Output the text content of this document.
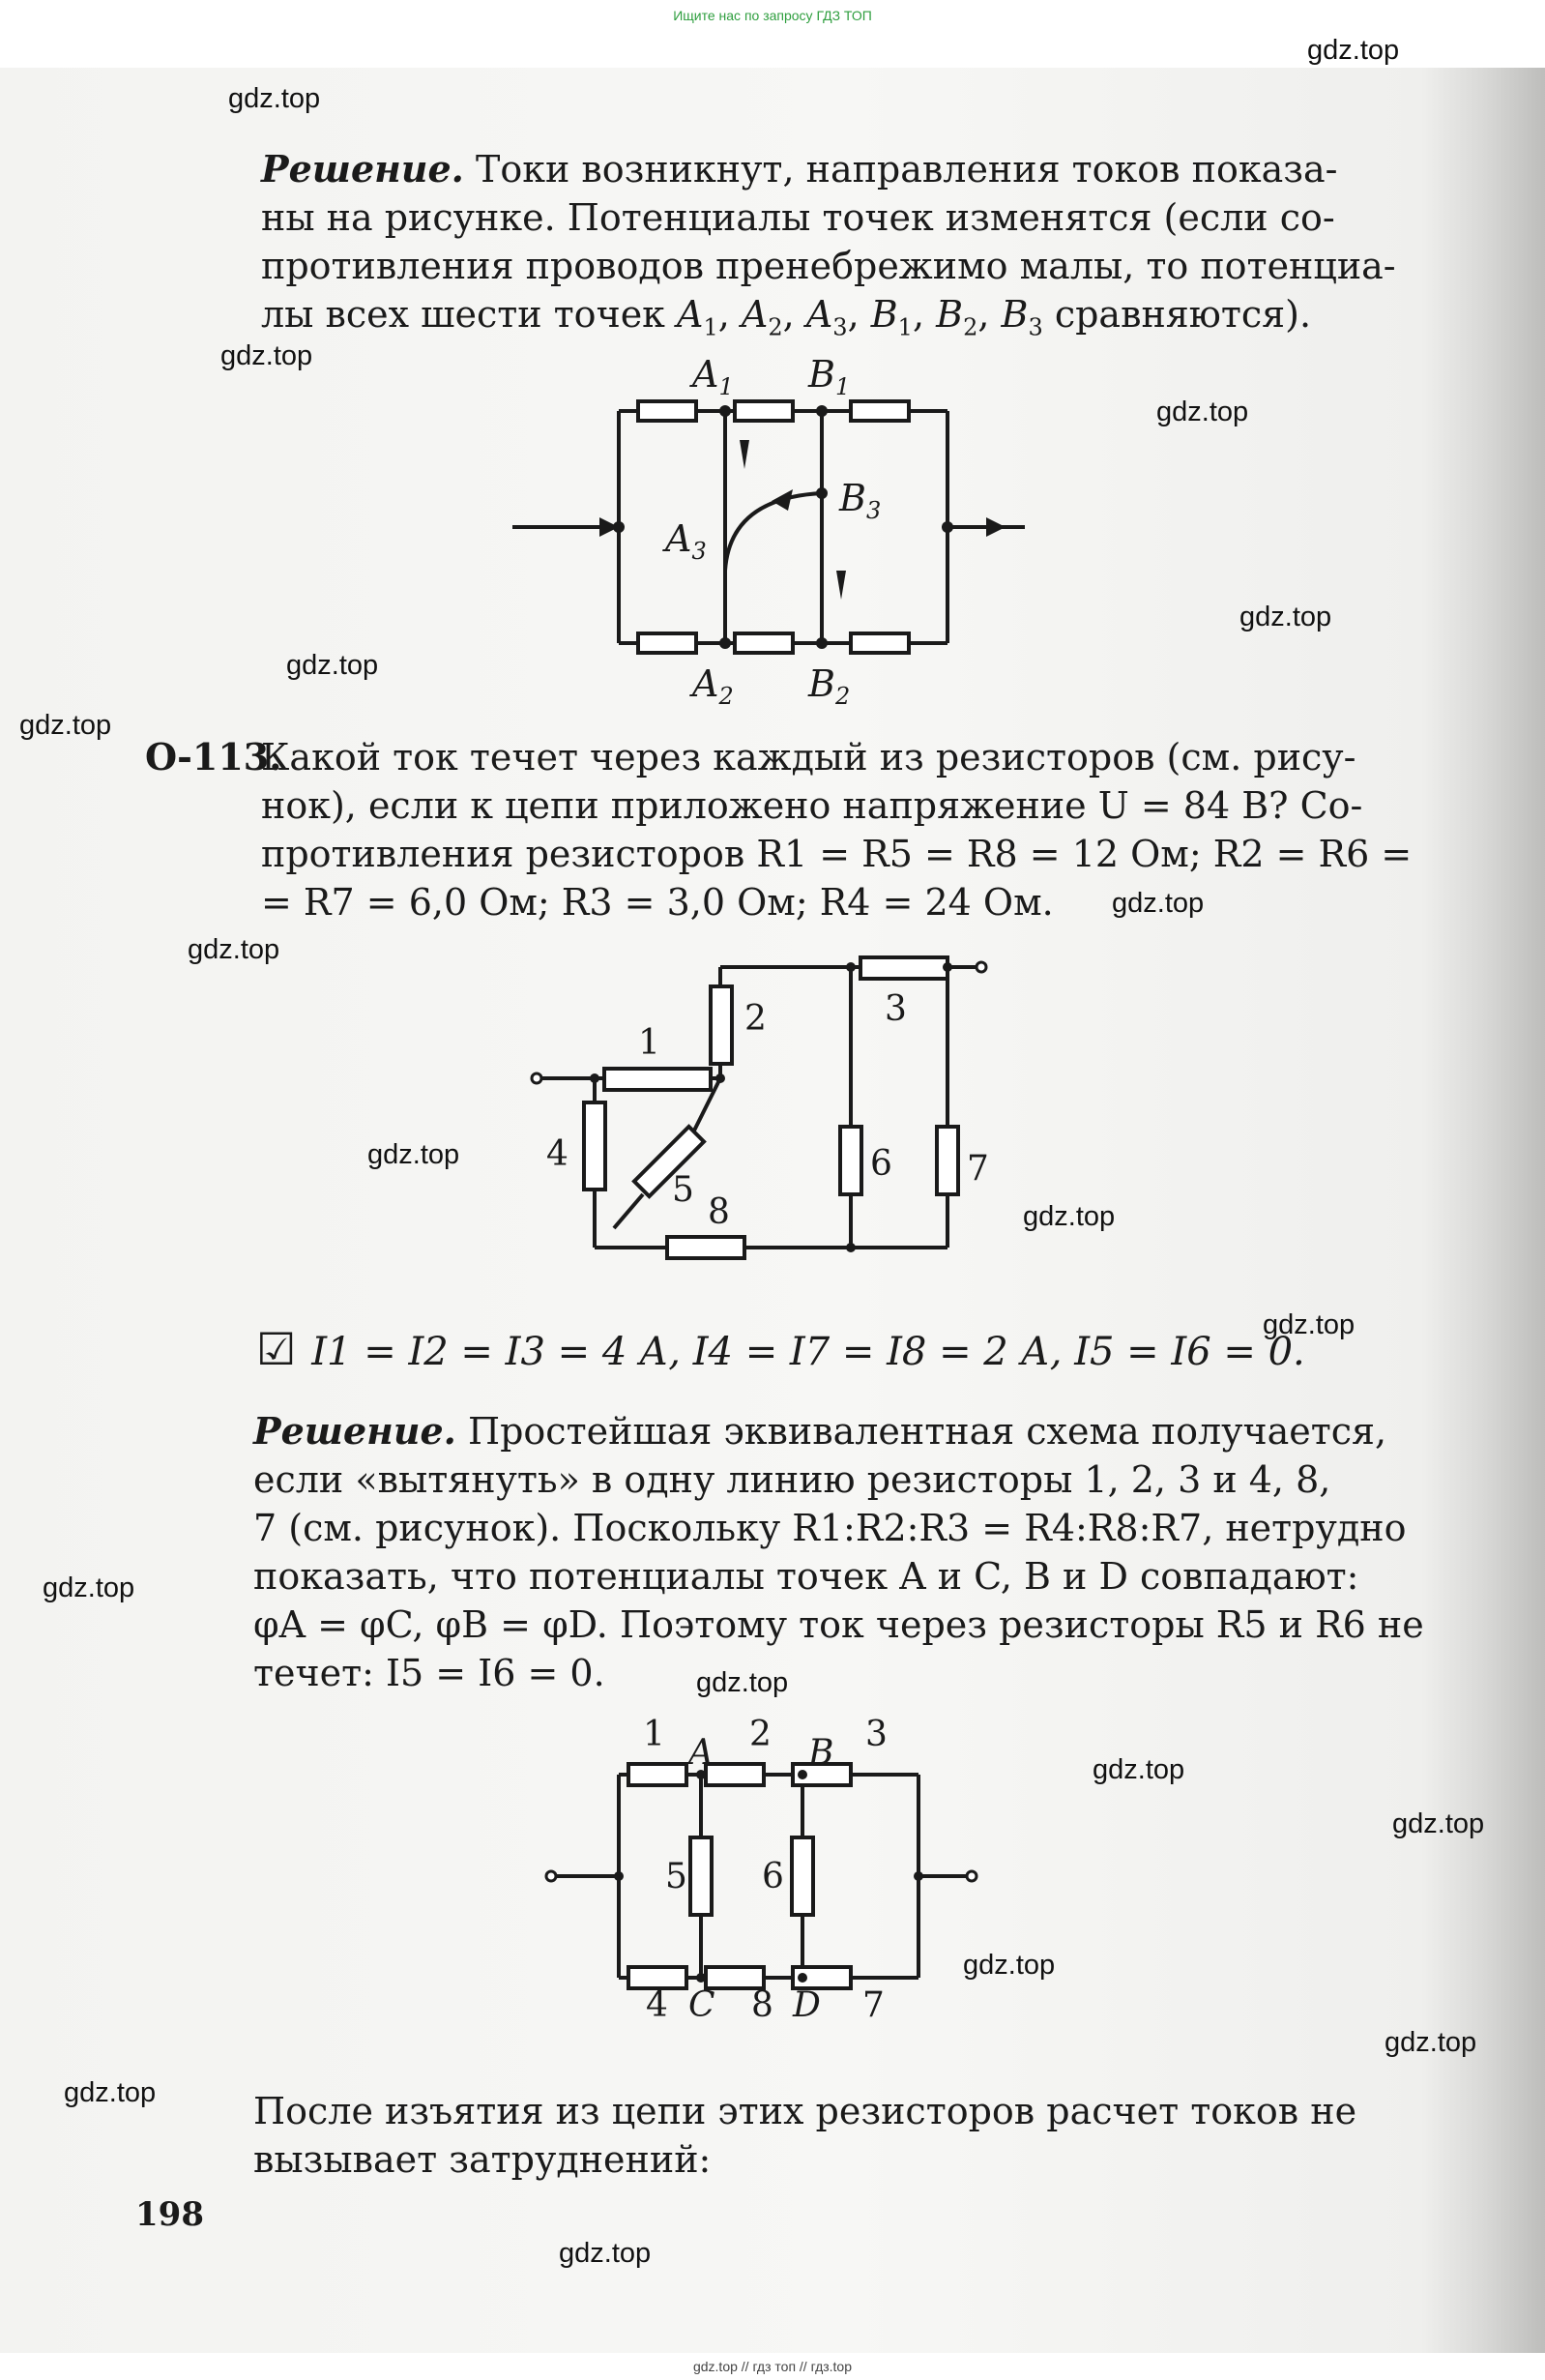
Ищите нас по запросу ГДЗ ТОП
gdz.top
gdz.top
gdz.top
gdz.top
gdz.top
gdz.top
gdz.top
gdz.top
gdz.top
gdz.top
gdz.top
gdz.top
gdz.top
gdz.top
gdz.top
gdz.top
gdz.top
gdz.top
gdz.top
gdz.top
Решение. Токи возникнут, направления токов показа-
ны на рисунке. Потенциалы точек изменятся (если со-
противления проводов пренебрежимо малы, то потенциа-
лы всех шести точек $A_1$, $A_2$, $A_3$, $B_1$, $B_2$, $B_3$ сравняются).
$A_1$ $B_1$
$B_3$
$A_3$
$A_2$ $B_2$
О-113.
Какой ток течет через каждый из резисторов (см. рису-
нок), если к цепи приложено напряжение U = 84 В? Со-
противления резисторов R1 = R5 = R8 = 12 Ом; R2 = R6 =
= R7 = 6,0 Ом; R3 = 3,0 Ом; R4 = 24 Ом.
1
2	3
4
5
6 7
8
☑ I1 = I2 = I3 = 4 А, I4 = I7 = I8 = 2 А, I5 = I6 = 0.
Решение. Простейшая эквивалентная схема получается,
если «вытянуть» в одну линию резисторы 1, 2, 3 и 4, 8,
7 (см. рисунок). Поскольку R1:R2:R3 = R4:R8:R7, нетрудно
показать, что потенциалы точек A и C, B и D совпадают:
φA = φC, φB = φD. Поэтому ток через резисторы R5 и R6 не
течет: I5 = I6 = 0.
1 2	3
5 6
4 8	7
A	B
C D
После изъятия из цепи этих резисторов расчет токов не
вызывает затруднений:
198
gdz.top // гдз топ // гдз.top
